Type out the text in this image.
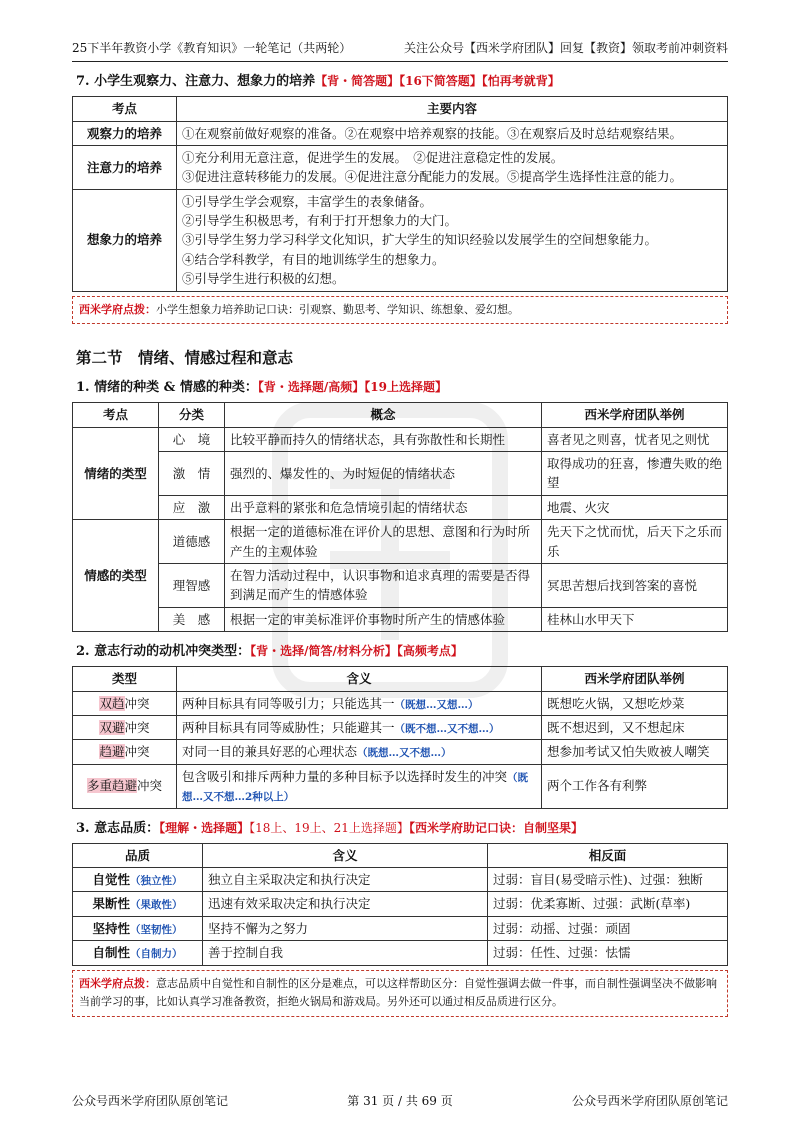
25下半年教资小学《教育知识》一轮笔记（共两轮）	关注公众号【西米学府团队】回复【教资】领取考前冲刺资料
7. 小学生观察力、注意力、想象力的培养【背・简答题】【16下简答题】【怕再考就背】
考点	主要内容
观察力的培养	①在观察前做好观察的准备。②在观察中培养观察的技能。③在观察后及时总结观察结果。

注意力的培养	①充分利用无意注意，促进学生的发展。　②促进注意稳定性的发展。
③促进注意转移能力的发展。④促进注意分配能力的发展。⑤提高学生选择性注意的能力。

想象力的培养	①引导学生学会观察，丰富学生的表象储备。
②引导学生积极思考，有利于打开想象力的大门。
③引导学生努力学习科学文化知识，扩大学生的知识经验以发展学生的空间想象能力。
④结合学科教学，有目的地训练学生的想象力。
⑤引导学生进行积极的幻想。
西米学府点拨：小学生想象力培养助记口诀：引观察、勤思考、学知识、练想象、爱幻想。
第二节　情绪、情感过程和意志
1. 情绪的种类 & 情感的种类：【背・选择题/高频】【19上选择题】
考点	分类	概念	西米学府团队举例
情绪的类型	心　境	比较平静而持久的情绪状态，具有弥散性和长期性	喜者见之则喜，忧者见之则忧
	激　情	强烈的、爆发性的、为时短促的情绪状态	取得成功的狂喜，惨遭失败的绝望
	应　激	出乎意料的紧张和危急情境引起的情绪状态	地震、火灾
情感的类型	道德感	根据一定的道德标准在评价人的思想、意图和行为时所产生的主观体验	先天下之忧而忧，后天下之乐而乐
	理智感	在智力活动过程中，认识事物和追求真理的需要是否得到满足而产生的情感体验	冥思苦想后找到答案的喜悦
	美　感	根据一定的审美标准评价事物时所产生的情感体验	桂林山水甲天下
2. 意志行动的动机冲突类型：【背・选择/简答/材料分析】【高频考点】
类型	含义	西米学府团队举例
双趋冲突	两种目标具有同等吸引力；只能选其一（既想…又想…）	既想吃火锅，又想吃炒菜
双避冲突	两种目标具有同等威胁性；只能避其一（既不想…又不想…）	既不想迟到，又不想起床
趋避冲突	对同一目的兼具好恶的心理状态（既想…又不想…）	想参加考试又怕失败被人嘲笑
多重趋避冲突	包含吸引和排斥两种力量的多种目标予以选择时发生的冲突（既想…又不想…2种以上）	两个工作各有利弊
3. 意志品质：【理解・选择题】【18上、19上、21上选择题】【西米学府助记口诀：自制坚果】
品质	含义	相反面
自觉性（独立性）	独立自主采取决定和执行决定	过弱：盲目(易受暗示性)、过强：独断
果断性（果敢性）	迅速有效采取决定和执行决定	过弱：优柔寡断、过强：武断(草率)
坚持性（坚韧性）	坚持不懈为之努力	过弱：动摇、过强：顽固
自制性（自制力）	善于控制自我	过弱：任性、过强：怯懦
西米学府点拨：意志品质中自觉性和自制性的区分是难点，可以这样帮助区分：自觉性强调去做一件事，而自制性强调坚决不做影响当前学习的事，比如认真学习准备教资，拒绝火锅局和游戏局。另外还可以通过相反品质进行区分。
公众号西米学府团队原创笔记	第 31 页 / 共 69 页	公众号西米学府团队原创笔记
